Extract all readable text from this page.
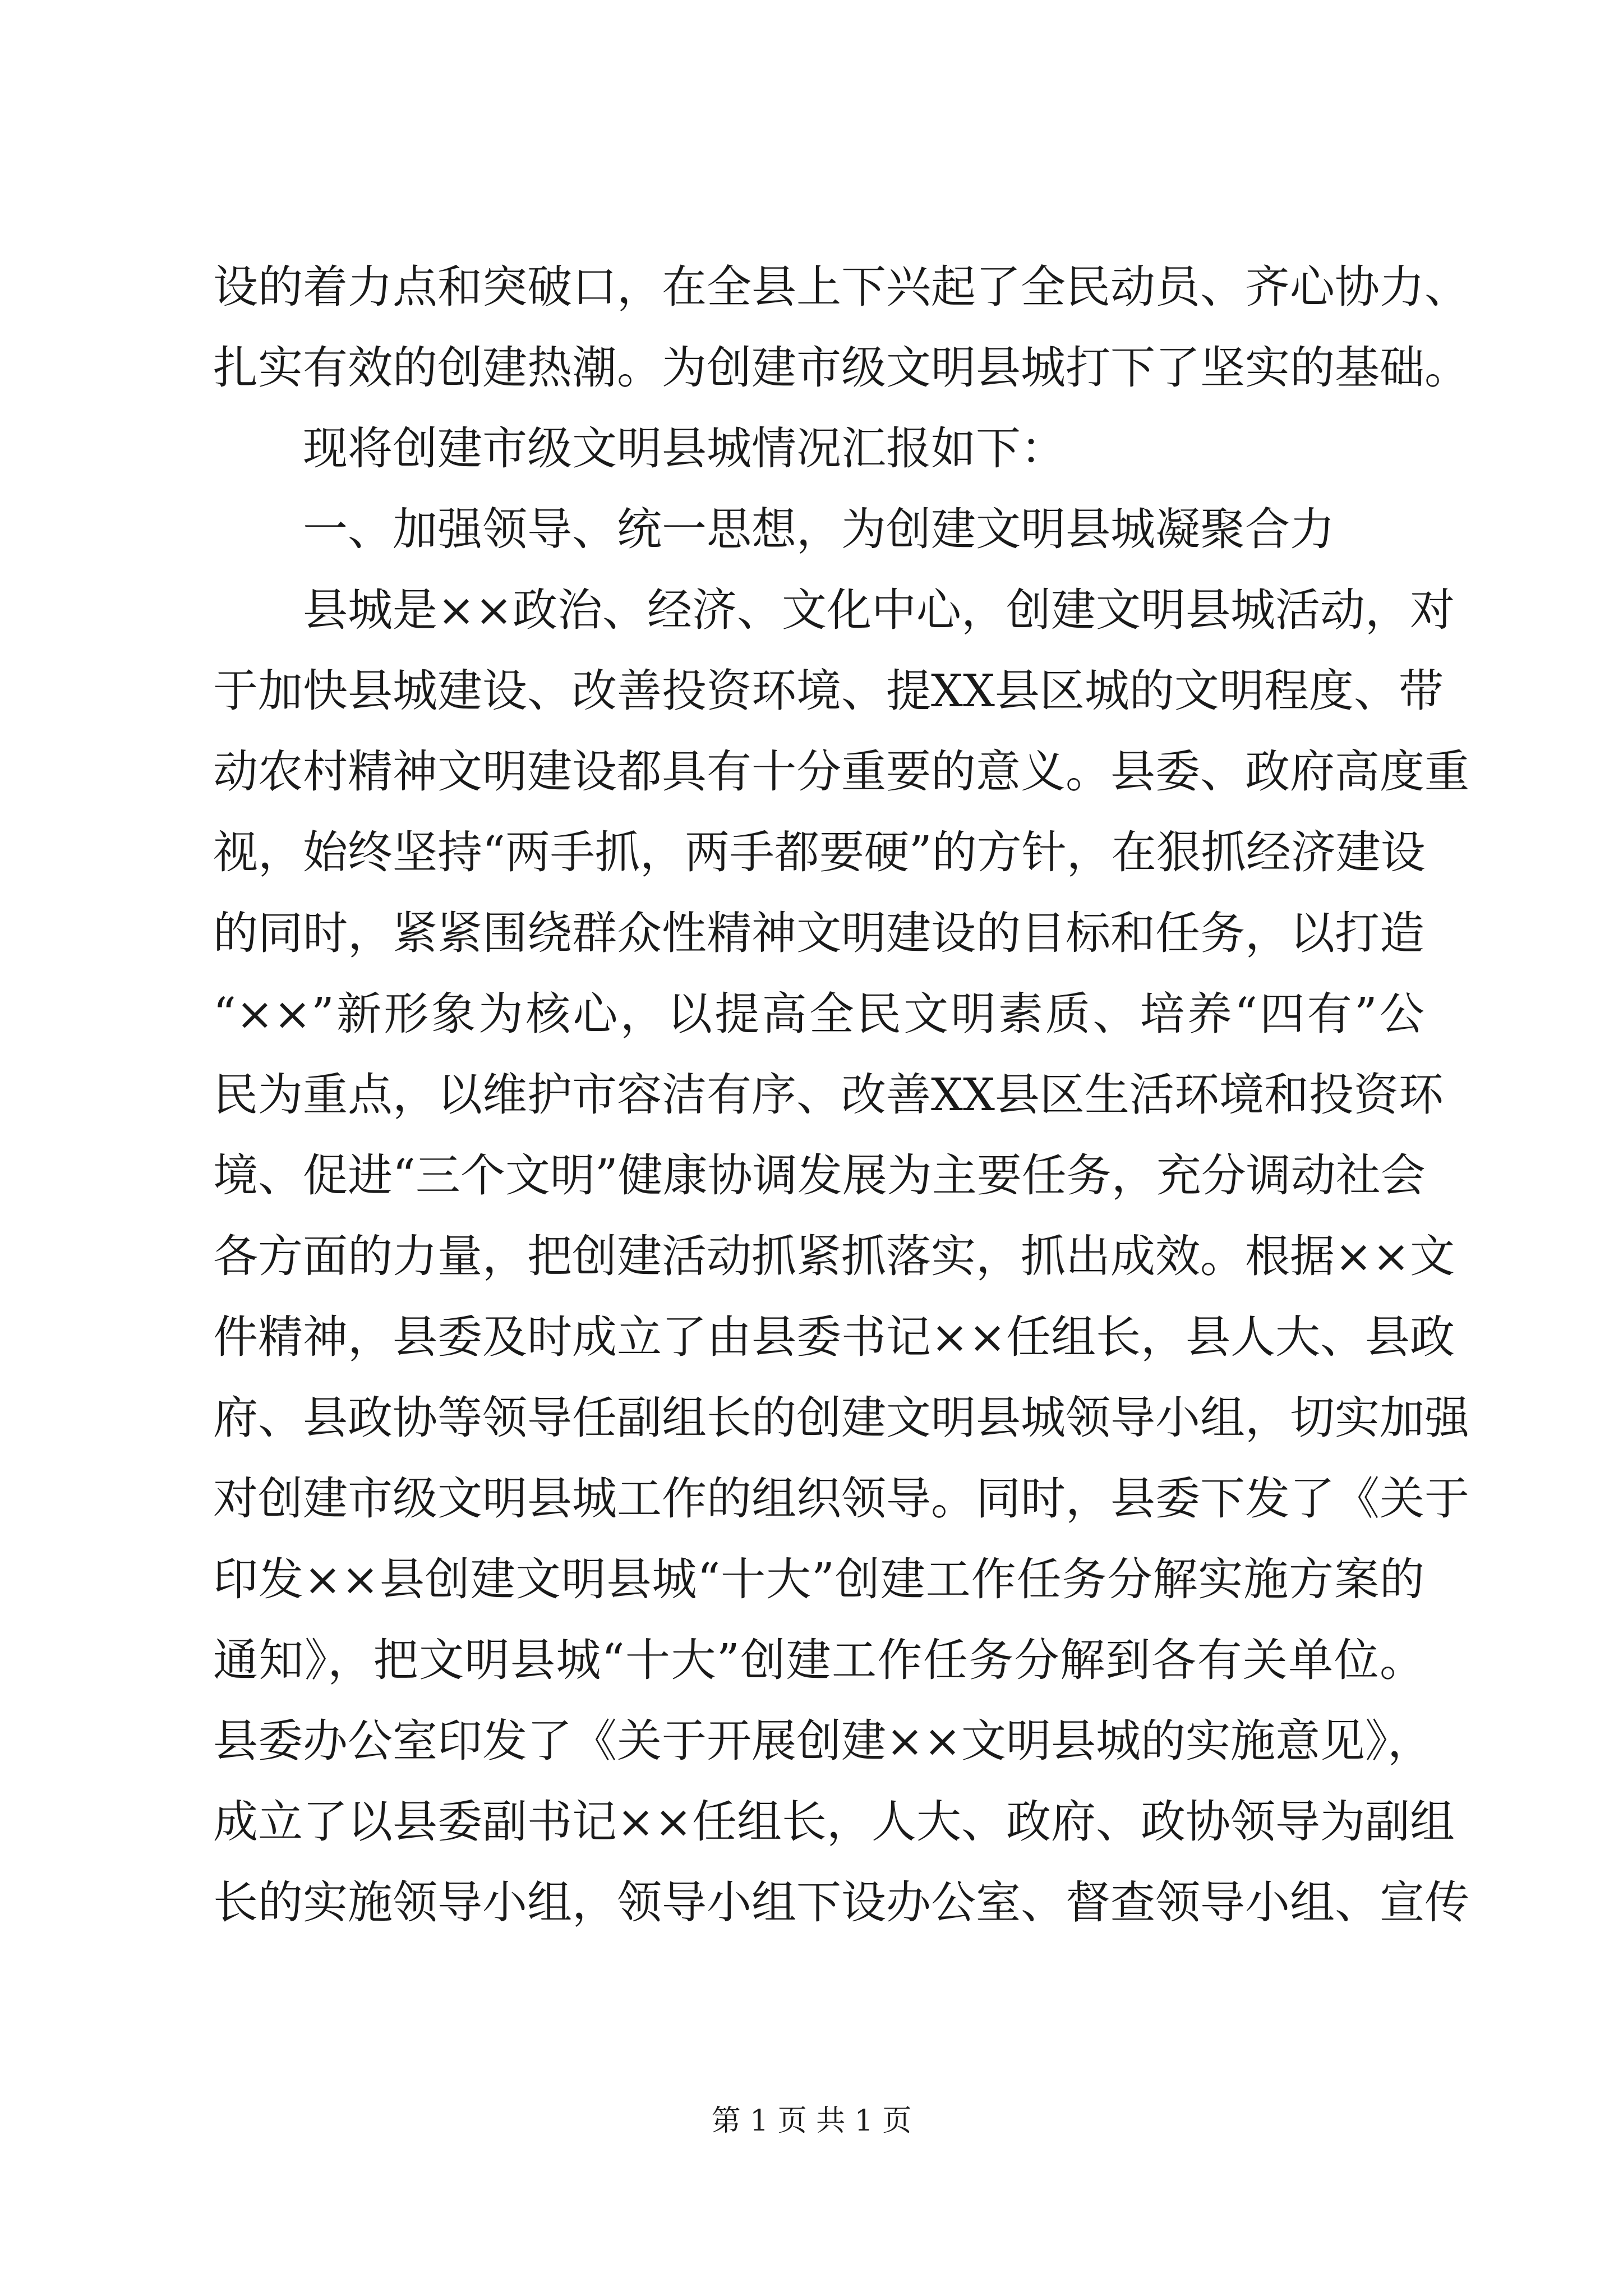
设的着力点和突破口，在全县上下兴起了全民动员、齐心协力、
扎实有效的创建热潮。为创建市级文明县城打下了坚实的基础。
现将创建市级文明县城情况汇报如下：
一、加强领导、统一思想，为创建文明县城凝聚合力
县城是××政治、经济、文化中心，创建文明县城活动，对
于加快县城建设、改善投资环境、提XX县区城的文明程度、带
动农村精神文明建设都具有十分重要的意义。县委、政府高度重
视，始终坚持“两手抓，两手都要硬”的方针，在狠抓经济建设
的同时，紧紧围绕群众性精神文明建设的目标和任务，以打造
“××”新形象为核心，以提高全民文明素质、培养“四有”公
民为重点，以维护市容洁有序、改善XX县区生活环境和投资环
境、促进“三个文明”健康协调发展为主要任务，充分调动社会
各方面的力量，把创建活动抓紧抓落实，抓出成效。根据××文
件精神，县委及时成立了由县委书记××任组长，县人大、县政
府、县政协等领导任副组长的创建文明县城领导小组，切实加强
对创建市级文明县城工作的组织领导。同时，县委下发了《关于
印发××县创建文明县城“十大”创建工作任务分解实施方案的
通知》，把文明县城“十大”创建工作任务分解到各有关单位。
县委办公室印发了《关于开展创建××文明县城的实施意见》，
成立了以县委副书记××任组长，人大、政府、政协领导为副组
长的实施领导小组，领导小组下设办公室、督查领导小组、宣传
第 1 页 共 1 页
